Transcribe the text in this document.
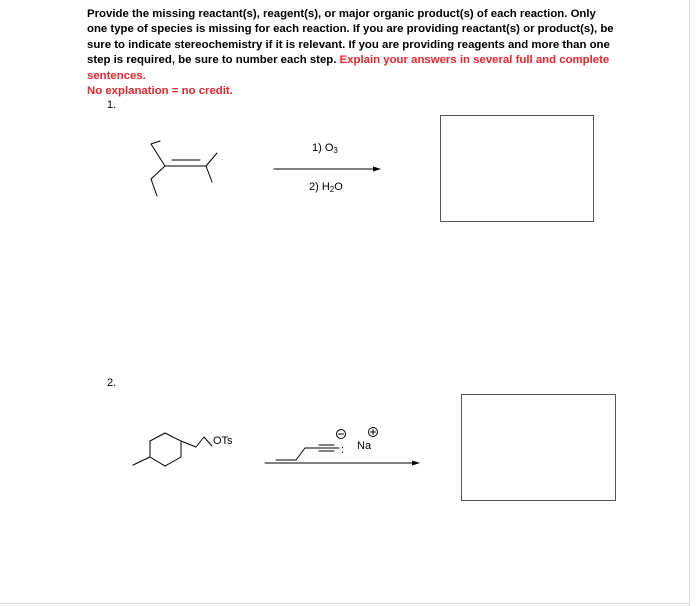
Provide the missing reactant(s), reagent(s), or major organic product(s) of each reaction. Only one type of species is missing for each reaction. If you are providing reactant(s) or product(s), be sure to indicate stereochemistry if it is relevant. If you are providing reagents and more than one step is required, be sure to number each step. Explain your answers in several full and complete sentences.
No explanation = no credit.
1.
1) $O_3$
2) $H_2O$
2.
OTs
: Na
